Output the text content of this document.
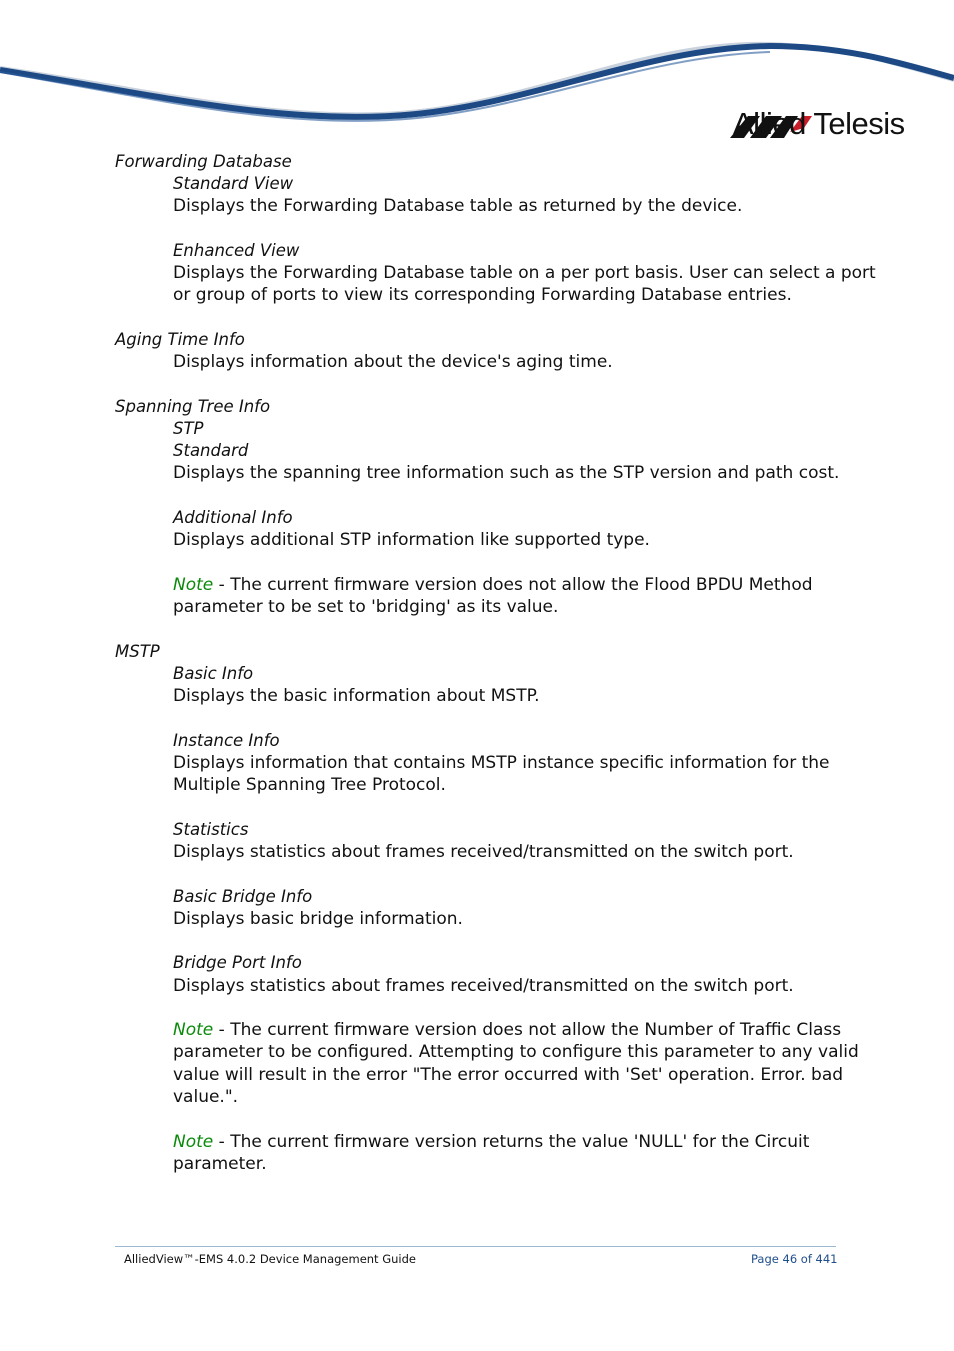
Allied Telesis
Forwarding Database
Standard View
Displays the Forwarding Database table as returned by the device.
Enhanced View
Displays the Forwarding Database table on a per port basis. User can select a port
or group of ports to view its corresponding Forwarding Database entries.
Aging Time Info
Displays information about the device's aging time.
Spanning Tree Info
STP
Standard
Displays the spanning tree information such as the STP version and path cost.
Additional Info
Displays additional STP information like supported type.
Note - The current firmware version does not allow the Flood BPDU Method
parameter to be set to 'bridging' as its value.
MSTP
Basic Info
Displays the basic information about MSTP.
Instance Info
Displays information that contains MSTP instance specific information for the
Multiple Spanning Tree Protocol.
Statistics
Displays statistics about frames received/transmitted on the switch port.
Basic Bridge Info
Displays basic bridge information.
Bridge Port Info
Displays statistics about frames received/transmitted on the switch port.
Note - The current firmware version does not allow the Number of Traffic Class
parameter to be configured. Attempting to configure this parameter to any valid
value will result in the error "The error occurred with 'Set' operation. Error. bad
value.".
Note - The current firmware version returns the value 'NULL' for the Circuit
parameter.
AlliedView™-EMS 4.0.2 Device Management Guide	Page 46 of 441
